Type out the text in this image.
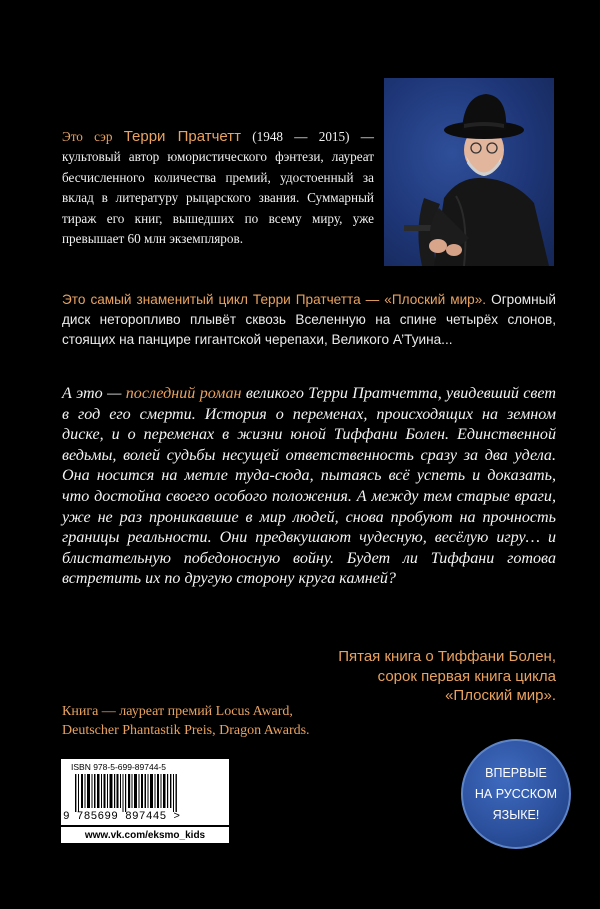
Это сэр Терри Пратчетт (1948 — 2015) — культовый автор юмористического фэнтези, лауреат бесчисленного количества премий, удостоенный за вклад в литературу рыцарского звания. Суммарный тираж его книг, вышедших по всему миру, уже превышает 60 млн экземпляров.
Это самый знаменитый цикл Терри Пратчетта — «Плоский мир». Огромный диск неторопливо плывёт сквозь Вселенную на спине четырёх слонов, стоящих на панцире гигантской черепахи, Великого А’Туина...
А это — последний роман великого Терри Пратчетта, увидевший свет в год его смерти. История о переменах, происходящих на земном диске, и о переменах в жизни юной Тиффани Болен. Единственной ведьмы, волей судьбы несущей ответственность сразу за два удела. Она носится на метле туда-сюда, пытаясь всё успеть и доказать, что достойна своего особого положения. А между тем старые враги, уже не раз проникавшие в мир людей, снова пробуют на прочность границы реальности. Они предвкушают чудесную, весёлую игру… и блистательную победоносную войну. Будет ли Тиффани готова встретить их по другую сторону круга камней?
Пятая книга о Тиффани Болен,
сорок первая книга цикла
«Плоский мир».
Книга — лауреат премий Locus Award,
Deutscher Phantastik Preis, Dragon Awards.
ISBN 978-5-699-89744-5
9 785699 897445 >
www.vk.com/eksmo_kids
ВПЕРВЫЕ
НА РУССКОМ
ЯЗЫКЕ!
